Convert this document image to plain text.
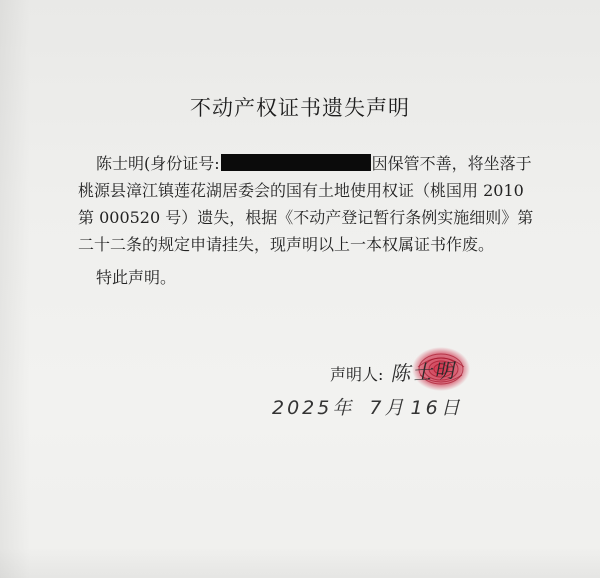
不动产权证书遗失声明

陈士明(身份证号:	因保管不善，将坐落于桃源县漳江镇莲花湖居委会的国有土地使用权证（桃国用 2010 第 000520 号）遗失，根据《不动产登记暂行条例实施细则》第二十二条的规定申请挂失，现声明以上一本权属证书作废。

特此声明。

声明人: 陈士明
2025年 7月 16日
